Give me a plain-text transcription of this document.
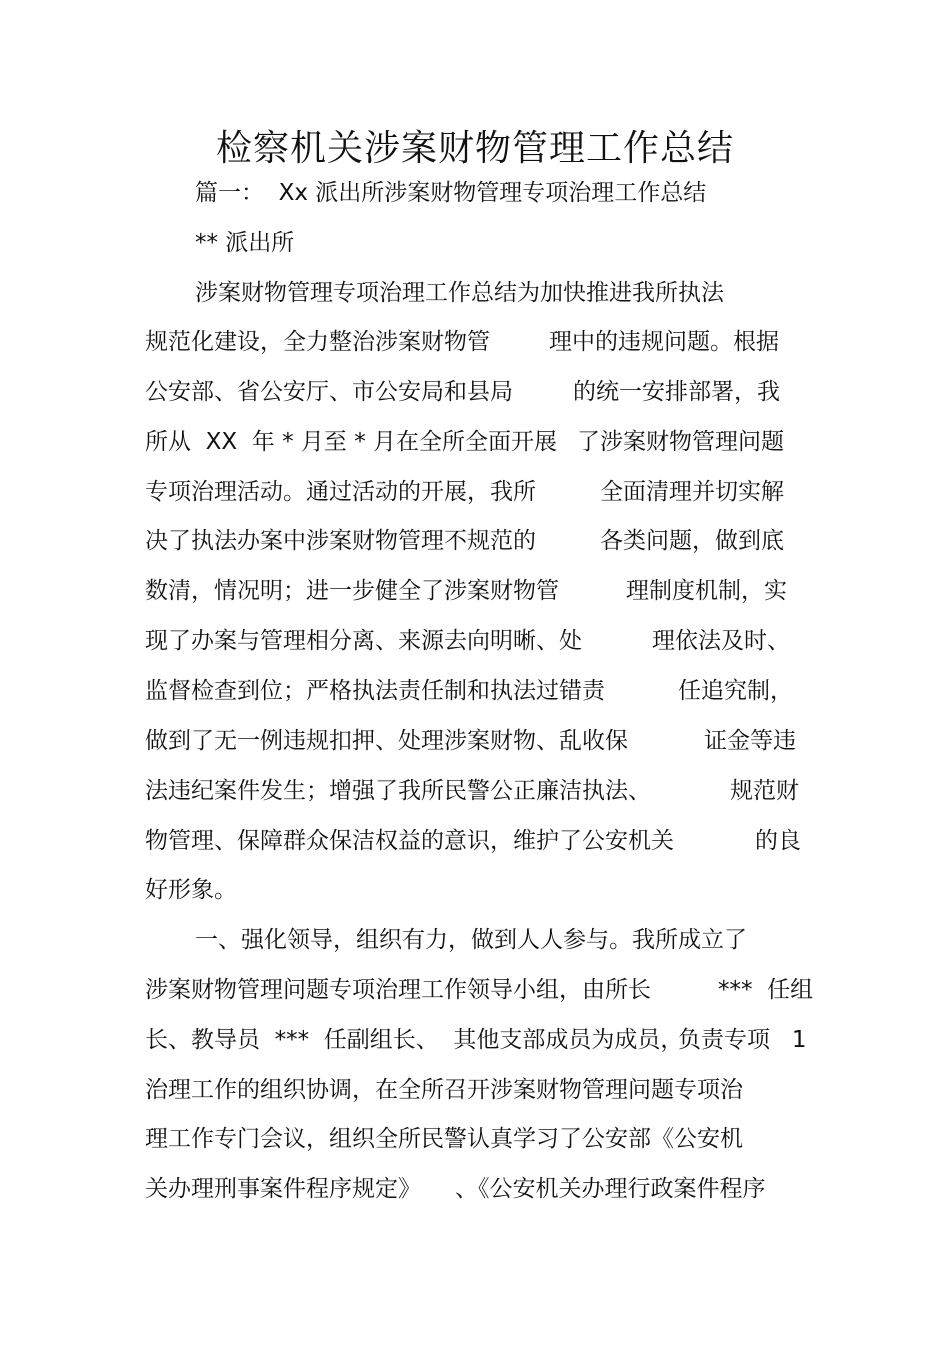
检察机关涉案财物管理工作总结
篇一：  Xx 派出所涉案财物管理专项治理工作总结
** 派出所
涉案财物管理专项治理工作总结为加快推进我所执法
规范化建设，全力整治涉案财物管	理中的违规问题。根据
公安部、省公安厅、市公安局和县局	的统一安排部署，我
所从  XX  年 * 月至 * 月在全所全面开展 了涉案财物管理问题
专项治理活动。通过活动的开展，我所	全面清理并切实解
决了执法办案中涉案财物管理不规范的	各类问题，做到底
数清，情况明；进一步健全了涉案财物管	理制度机制，实
现了办案与管理相分离、来源去向明晰、处	理依法及时、
监督检查到位；严格执法责任制和执法过错责	任追究制，
做到了无一例违规扣押、处理涉案财物、乱收保	证金等违
法违纪案件发生；增强了我所民警公正廉洁执法、	规范财
物管理、保障群众保洁权益的意识，维护了公安机关	的良
好形象。
一、强化领导，组织有力，做到人人参与。我所成立了
涉案财物管理问题专项治理工作领导小组，由所长	***  任组
长、教导员  ***  任副组长、  其他支部成员为成员，
负责专项   1
治理工作的组织协调，在全所召开涉案财物管理问题专项治
理工作专门会议，组织全所民警认真学习了公安部《公安机
关办理刑事案件程序规定》 、《公安机关办理行政案件程序
